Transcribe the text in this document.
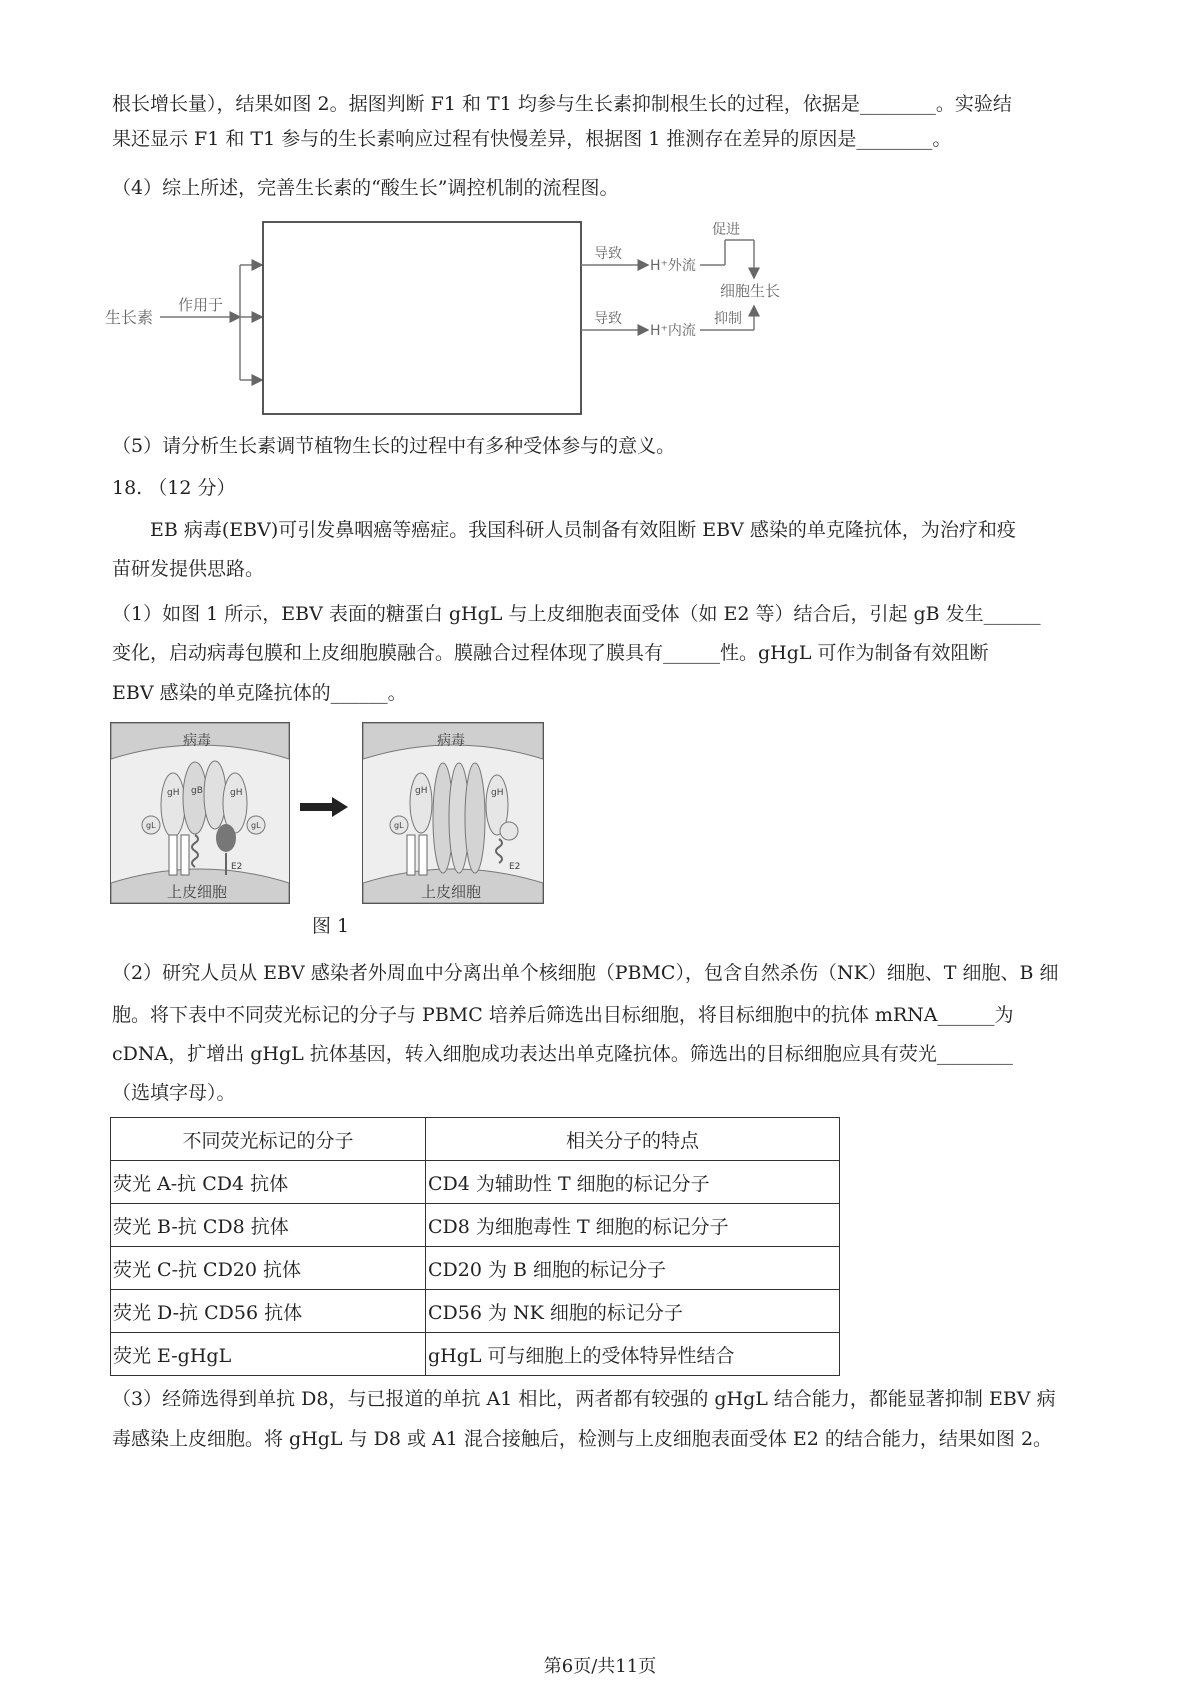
根长增长量），结果如图 2。据图判断 F1 和 T1 均参与生长素抑制根生长的过程，依据是________。实验结
果还显示 F1 和 T1 参与的生长素响应过程有快慢差异，根据图 1 推测存在差异的原因是________。
（4）综上所述，完善生长素的“酸生长”调控机制的流程图。
生长素
作用于
导致
H⁺外流
促进
细胞生长
导致
H⁺内流
抑制
（5）请分析生长素调节植物生长的过程中有多种受体参与的意义。
18. （12 分）
EB 病毒(EBV)可引发鼻咽癌等癌症。我国科研人员制备有效阻断 EBV 感染的单克隆抗体，为治疗和疫
苗研发提供思路。
（1）如图 1 所示，EBV 表面的糖蛋白 gHgL 与上皮细胞表面受体（如 E2 等）结合后，引起 gB 发生______
变化，启动病毒包膜和上皮细胞膜融合。膜融合过程体现了膜具有______性。gHgL 可作为制备有效阻断
EBV 感染的单克隆抗体的______。
病毒
gH gB	gH
gL	gL
E2
上皮细胞
病毒
gH	gH
gL
E2
上皮细胞
图 1
（2）研究人员从 EBV 感染者外周血中分离出单个核细胞（PBMC），包含自然杀伤（NK）细胞、T 细胞、B 细
胞。将下表中不同荧光标记的分子与 PBMC 培养后筛选出目标细胞，将目标细胞中的抗体 mRNA______为
cDNA，扩增出 gHgL 抗体基因，转入细胞成功表达出单克隆抗体。筛选出的目标细胞应具有荧光________
（选填字母）。
不同荧光标记的分子	相关分子的特点
荧光 A-抗 CD4 抗体	CD4 为辅助性 T 细胞的标记分子
荧光 B-抗 CD8 抗体	CD8 为细胞毒性 T 细胞的标记分子
荧光 C-抗 CD20 抗体	CD20 为 B 细胞的标记分子
荧光 D-抗 CD56 抗体	CD56 为 NK 细胞的标记分子
荧光 E-gHgL	gHgL 可与细胞上的受体特异性结合
（3）经筛选得到单抗 D8，与已报道的单抗 A1 相比，两者都有较强的 gHgL 结合能力，都能显著抑制 EBV 病
毒感染上皮细胞。将 gHgL 与 D8 或 A1 混合接触后，检测与上皮细胞表面受体 E2 的结合能力，结果如图 2。
第6页/共11页
